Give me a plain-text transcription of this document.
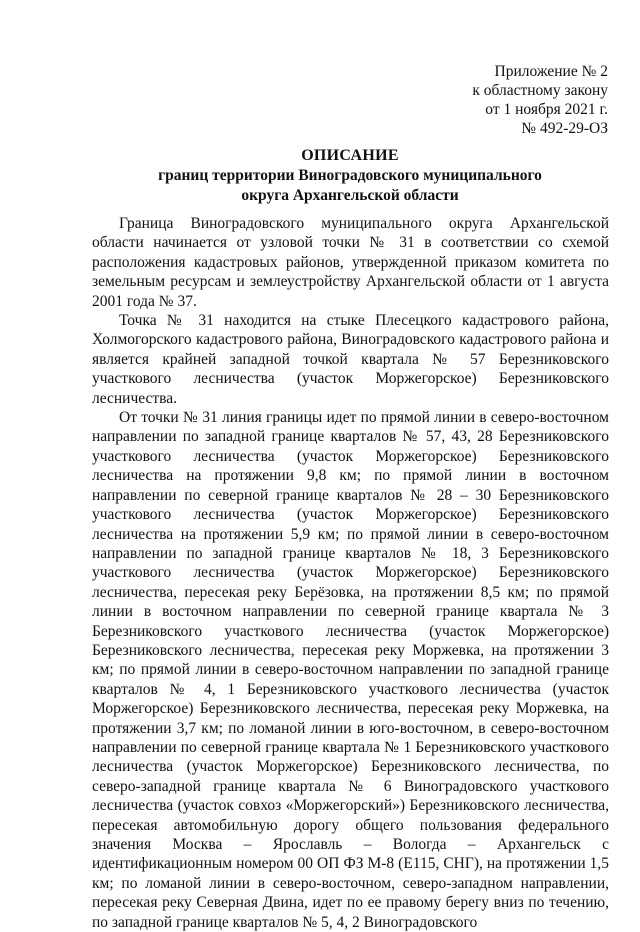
Приложение № 2
к областному закону
от 1 ноября 2021 г.
№ 492-29-ОЗ
ОПИСАНИЕ
границ территории Виноградовского муниципального
округа Архангельской области

Граница Виноградовского муниципального округа Архангельской области начинается от узловой точки № 31 в соответствии со схемой расположения кадастровых районов, утвержденной приказом комитета по земельным ресурсам и землеустройству Архангельской области от 1 августа 2001 года № 37.

Точка № 31 находится на стыке Плесецкого кадастрового района, Холмогорского кадастрового района, Виноградовского кадастрового района и является крайней западной точкой квартала № 57 Березниковского участкового лесничества (участок Моржегорское) Березниковского лесничества.

От точки № 31 линия границы идет по прямой линии в северо-восточном направлении по западной границе кварталов № 57, 43, 28 Березниковского участкового лесничества (участок Моржегорское) Березниковского лесничества на протяжении 9,8 км; по прямой линии в восточном направлении по северной границе кварталов № 28 – 30 Березниковского участкового лесничества (участок Моржегорское) Березниковского лесничества на протяжении 5,9 км; по прямой линии в северо-восточном направлении по западной границе кварталов № 18, 3 Березниковского участкового лесничества (участок Моржегорское) Березниковского лесничества, пересекая реку Берёзовка, на протяжении 8,5 км; по прямой линии в восточном направлении по северной границе квартала № 3 Березниковского участкового лесничества (участок Моржегорское) Березниковского лесничества, пересекая реку Моржевка, на протяжении 3 км; по прямой линии в северо-восточном направлении по западной границе кварталов № 4, 1 Березниковского участкового лесничества (участок Моржегорское) Березниковского лесничества, пересекая реку Моржевка, на протяжении 3,7 км; по ломаной линии в юго-восточном, в северо-восточном направлении по северной границе квартала № 1 Березниковского участкового лесничества (участок Моржегорское) Березниковского лесничества, по северо-западной границе квартала № 6 Виноградовского участкового лесничества (участок совхоз «Моржегорский») Березниковского лесничества, пересекая автомобильную дорогу общего пользования федерального значения Москва – Ярославль – Вологда – Архангельск с идентификационным номером 00 ОП ФЗ М-8 (Е115, СНГ), на протяжении 1,5 км; по ломаной линии в северо-восточном, северо-западном направлении, пересекая реку Северная Двина, идет по ее правому берегу вниз по течению, по западной границе кварталов № 5, 4, 2 Виноградовского
